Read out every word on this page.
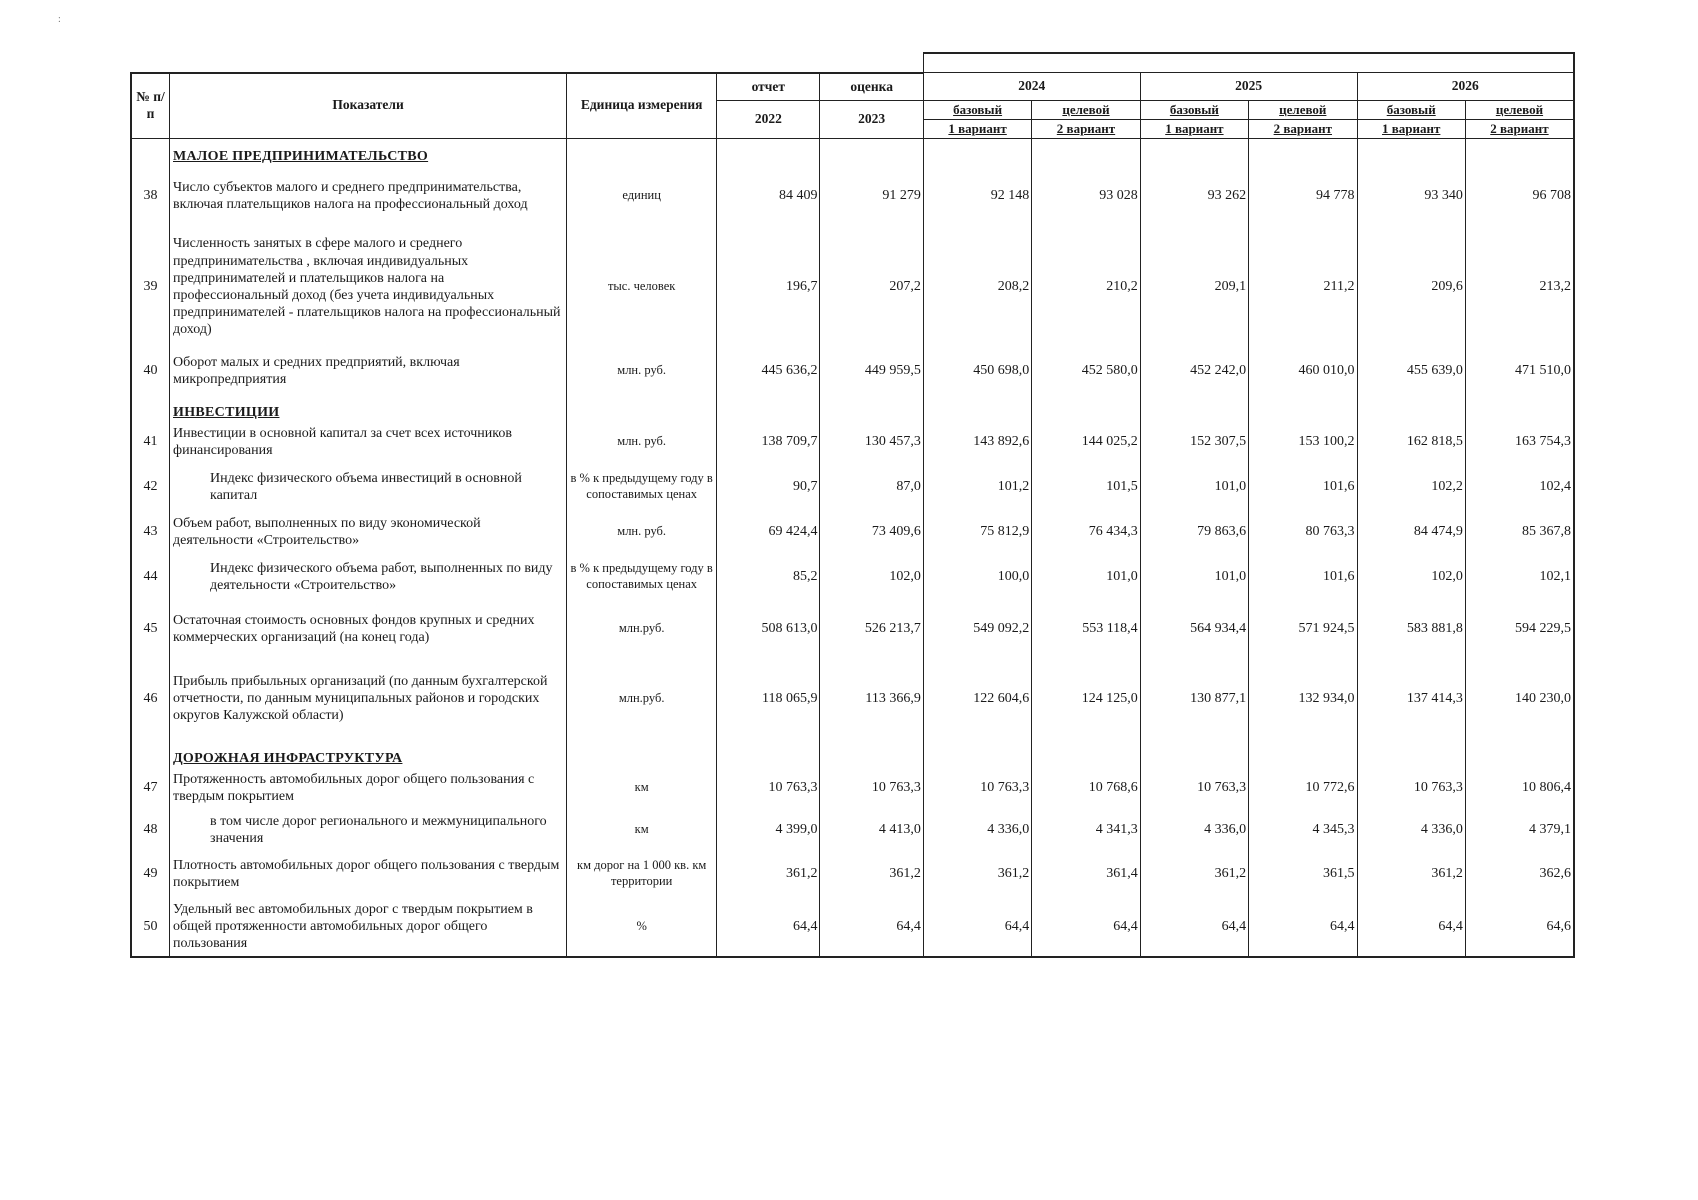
:

№ п/п	Показатели	Единица измерения	отчет	оценка	2024		2025		2026	
			2022	2023	базовый	целевой	базовый	целевой	базовый	целевой
					1 вариант	2 вариант	1 вариант	2 вариант	1 вариант	2 вариант
	МАЛОЕ ПРЕДПРИНИМАТЕЛЬСТВО									
38	Число субъектов малого и среднего предпринимательства, включая плательщиков налога на профессиональный доход	единиц	84 409	91 279	92 148	93 028	93 262	94 778	93 340	96 708
39	Численность занятых в сфере малого и среднего предпринимательства , включая индивидуальных предпринимателей и плательщиков налога на профессиональный доход (без учета индивидуальных предпринимателей - плательщиков налога на профессиональный доход)	тыс. человек	196,7	207,2	208,2	210,2	209,1	211,2	209,6	213,2
40	Оборот малых и средних предприятий, включая микропредприятия	млн. руб.	445 636,2	449 959,5	450 698,0	452 580,0	452 242,0	460 010,0	455 639,0	471 510,0
	ИНВЕСТИЦИИ									
41	Инвестиции в основной капитал за счет всех источников финансирования	млн. руб.	138 709,7	130 457,3	143 892,6	144 025,2	152 307,5	153 100,2	162 818,5	163 754,3
42	Индекс физического объема инвестиций в основной капитал	в % к предыдущему году в сопоставимых ценах	90,7	87,0	101,2	101,5	101,0	101,6	102,2	102,4
43	Объем работ, выполненных по виду экономической деятельности «Строительство»	млн. руб.	69 424,4	73 409,6	75 812,9	76 434,3	79 863,6	80 763,3	84 474,9	85 367,8
44	Индекс физического объема работ, выполненных по виду деятельности «Строительство»	в % к предыдущему году в сопоставимых ценах	85,2	102,0	100,0	101,0	101,0	101,6	102,0	102,1
45	Остаточная стоимость основных фондов крупных и средних коммерческих организаций (на конец года)	млн.руб.	508 613,0	526 213,7	549 092,2	553 118,4	564 934,4	571 924,5	583 881,8	594 229,5
46	Прибыль прибыльных организаций (по данным бухгалтерской отчетности, по данным муниципальных районов и городских округов Калужской области)	млн.руб.	118 065,9	113 366,9	122 604,6	124 125,0	130 877,1	132 934,0	137 414,3	140 230,0
	ДОРОЖНАЯ ИНФРАСТРУКТУРА									
47	Протяженность автомобильных дорог общего пользования с твердым покрытием	км	10 763,3	10 763,3	10 763,3	10 768,6	10 763,3	10 772,6	10 763,3	10 806,4
48	в том числе дорог регионального и межмуниципального значения	км	4 399,0	4 413,0	4 336,0	4 341,3	4 336,0	4 345,3	4 336,0	4 379,1
49	Плотность автомобильных дорог общего пользования с твердым покрытием	км дорог на 1 000 кв. км территории	361,2	361,2	361,2	361,4	361,2	361,5	361,2	362,6
50	Удельный вес автомобильных дорог с твердым покрытием в общей протяженности автомобильных дорог общего пользования	%	64,4	64,4	64,4	64,4	64,4	64,4	64,4	64,6
